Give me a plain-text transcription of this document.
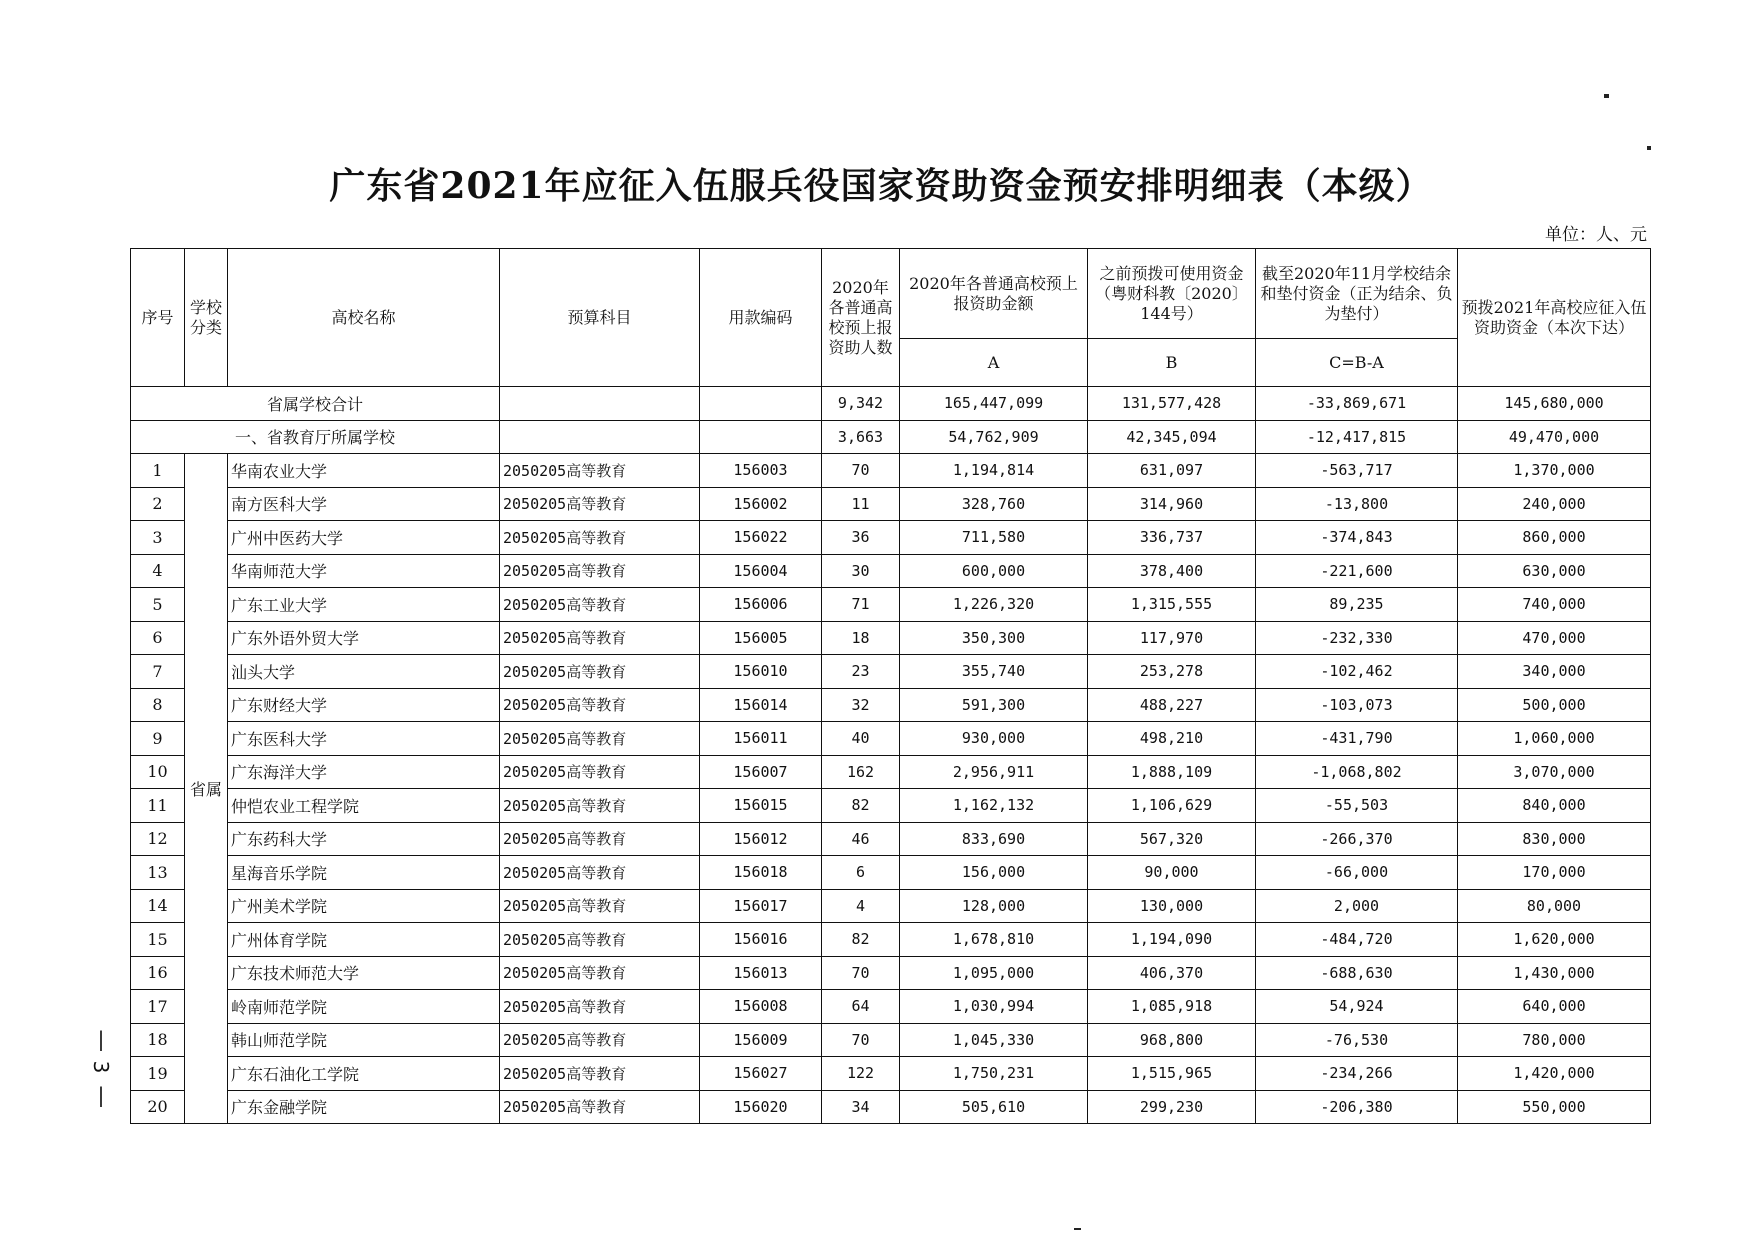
广东省2021年应征入伍服兵役国家资助资金预安排明细表（本级）
单位：人、元
序号	学校分类	高校名称	预算科目	用款编码	2020年各普通高校预上报资助人数	2020年各普通高校预上报资助金额	之前预拨可使用资金（粤财科教〔2020〕144号）	截至2020年11月学校结余和垫付资金（正为结余、负为垫付）	预拨2021年高校应征入伍资助资金（本次下达）
						A	B	C=B-A	
省属学校合计					9,342	165,447,099	131,577,428	-33,869,671	145,680,000
一、省教育厅所属学校					3,663	54,762,909	42,345,094	-12,417,815	49,470,000
1	省属	华南农业大学	2050205高等教育	156003	70	1,194,814	631,097	-563,717	1,370,000
2		南方医科大学	2050205高等教育	156002	11	328,760	314,960	-13,800	240,000
3		广州中医药大学	2050205高等教育	156022	36	711,580	336,737	-374,843	860,000
4		华南师范大学	2050205高等教育	156004	30	600,000	378,400	-221,600	630,000
5		广东工业大学	2050205高等教育	156006	71	1,226,320	1,315,555	89,235	740,000
6		广东外语外贸大学	2050205高等教育	156005	18	350,300	117,970	-232,330	470,000
7		汕头大学	2050205高等教育	156010	23	355,740	253,278	-102,462	340,000
8		广东财经大学	2050205高等教育	156014	32	591,300	488,227	-103,073	500,000
9		广东医科大学	2050205高等教育	156011	40	930,000	498,210	-431,790	1,060,000
10		广东海洋大学	2050205高等教育	156007	162	2,956,911	1,888,109	-1,068,802	3,070,000
11		仲恺农业工程学院	2050205高等教育	156015	82	1,162,132	1,106,629	-55,503	840,000
12		广东药科大学	2050205高等教育	156012	46	833,690	567,320	-266,370	830,000
13		星海音乐学院	2050205高等教育	156018	6	156,000	90,000	-66,000	170,000
14		广州美术学院	2050205高等教育	156017	4	128,000	130,000	2,000	80,000
15		广州体育学院	2050205高等教育	156016	82	1,678,810	1,194,090	-484,720	1,620,000
16		广东技术师范大学	2050205高等教育	156013	70	1,095,000	406,370	-688,630	1,430,000
17		岭南师范学院	2050205高等教育	156008	64	1,030,994	1,085,918	54,924	640,000
18		韩山师范学院	2050205高等教育	156009	70	1,045,330	968,800	-76,530	780,000
19		广东石油化工学院	2050205高等教育	156027	122	1,750,231	1,515,965	-234,266	1,420,000
20		广东金融学院	2050205高等教育	156020	34	505,610	299,230	-206,380	550,000
|
3
|
